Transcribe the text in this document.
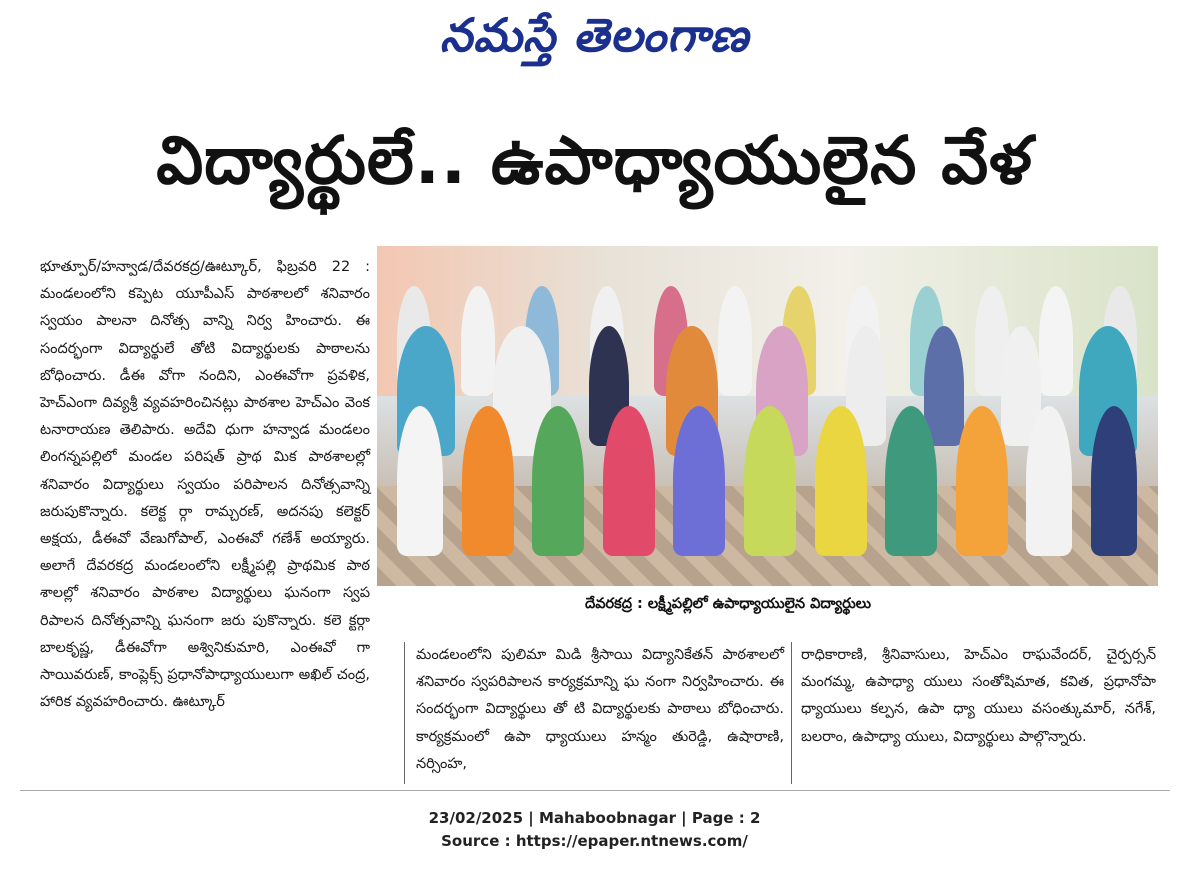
నమస్తే తెలంగాణ
విద్యార్థులే.. ఉపాధ్యాయులైన వేళ
భూత్పూర్/హన్వాడ/దేవరకద్ర/ఊట్కూర్, ఫిబ్రవరి 22 : మండలంలోని కప్పెట యూపీఎస్ పాఠశాలలో శనివారం స్వయం పాలనా దినోత్స వాన్ని నిర్వ హించారు. ఈ సందర్భంగా విద్యార్థులే తోటి విద్యార్థులకు పాఠాలను బోధించారు. డీఈ వోగా నందిని, ఎంఈవోగా ప్రవళిక, హెచ్ఎంగా దివ్యశ్రీ వ్యవహరించినట్లు పాఠశాల హెచ్ఎం వెంక టనారాయణ తెలిపారు. అదేవి ధుగా హన్వాడ మండలం లింగన్నపల్లిలో మండల పరిషత్ ప్రాథ మిక పాఠశాలల్లో శనివారం విద్యార్థులు స్వయం పరిపాలన దినోత్సవాన్ని జరుపుకొన్నారు. కలెక్ట ర్గా రామ్చరణ్, అదనపు కలెక్టర్ అక్షయ, డీఈవో వేణుగోపాల్, ఎంఈవో గణేశ్ అయ్యారు. అలాగే దేవరకద్ర మండలంలోని లక్ష్మీపల్లి ప్రాథమిక పాఠ శాలల్లో శనివారం పాఠశాల విద్యార్థులు ఘనంగా స్వప రిపాలన దినోత్సవాన్ని ఘనంగా జరు పుకొన్నారు. కలె క్టర్గా బాలకృష్ణ, డీఈవోగా అశ్వినికుమారి, ఎంఈవో గా సాయివరుణ్, కాంప్లెక్స్ ప్రధానోపాధ్యాయులుగా అఖిల్ చంద్ర, హారిక వ్యవహరించారు. ఊట్కూర్
దేవరకద్ర : లక్ష్మీపల్లిలో ఉపాధ్యాయులైన విద్యార్థులు
మండలంలోని పులిమా మిడి శ్రీసాయి విద్యానికేతన్ పాఠశాలలో శనివారం స్వపరిపాలన కార్యక్రమాన్ని ఘ నంగా నిర్వహించారు. ఈ సందర్భంగా విద్యార్థులు తో టి విద్యార్థులకు పాఠాలు బోధించారు. కార్యక్రమంలో ఉపా ధ్యాయులు హన్మం తురెడ్డి, ఉషారాణి, నర్సింహ,
రాధికారాణి, శ్రీనివాసులు, హెచ్ఎం రాఘవేందర్, చైర్పర్సన్ మంగమ్మ, ఉపాధ్యా యులు సంతోషిమాత, కవిత, ప్రధానోపా ధ్యాయులు కల్పన, ఉపా ధ్యా యులు వసంత్కుమార్, నగేశ్, బలరాం, ఉపాధ్యా యులు, విద్యార్థులు పాల్గొన్నారు.
23/02/2025 | Mahaboobnagar | Page : 2
Source : https://epaper.ntnews.com/
